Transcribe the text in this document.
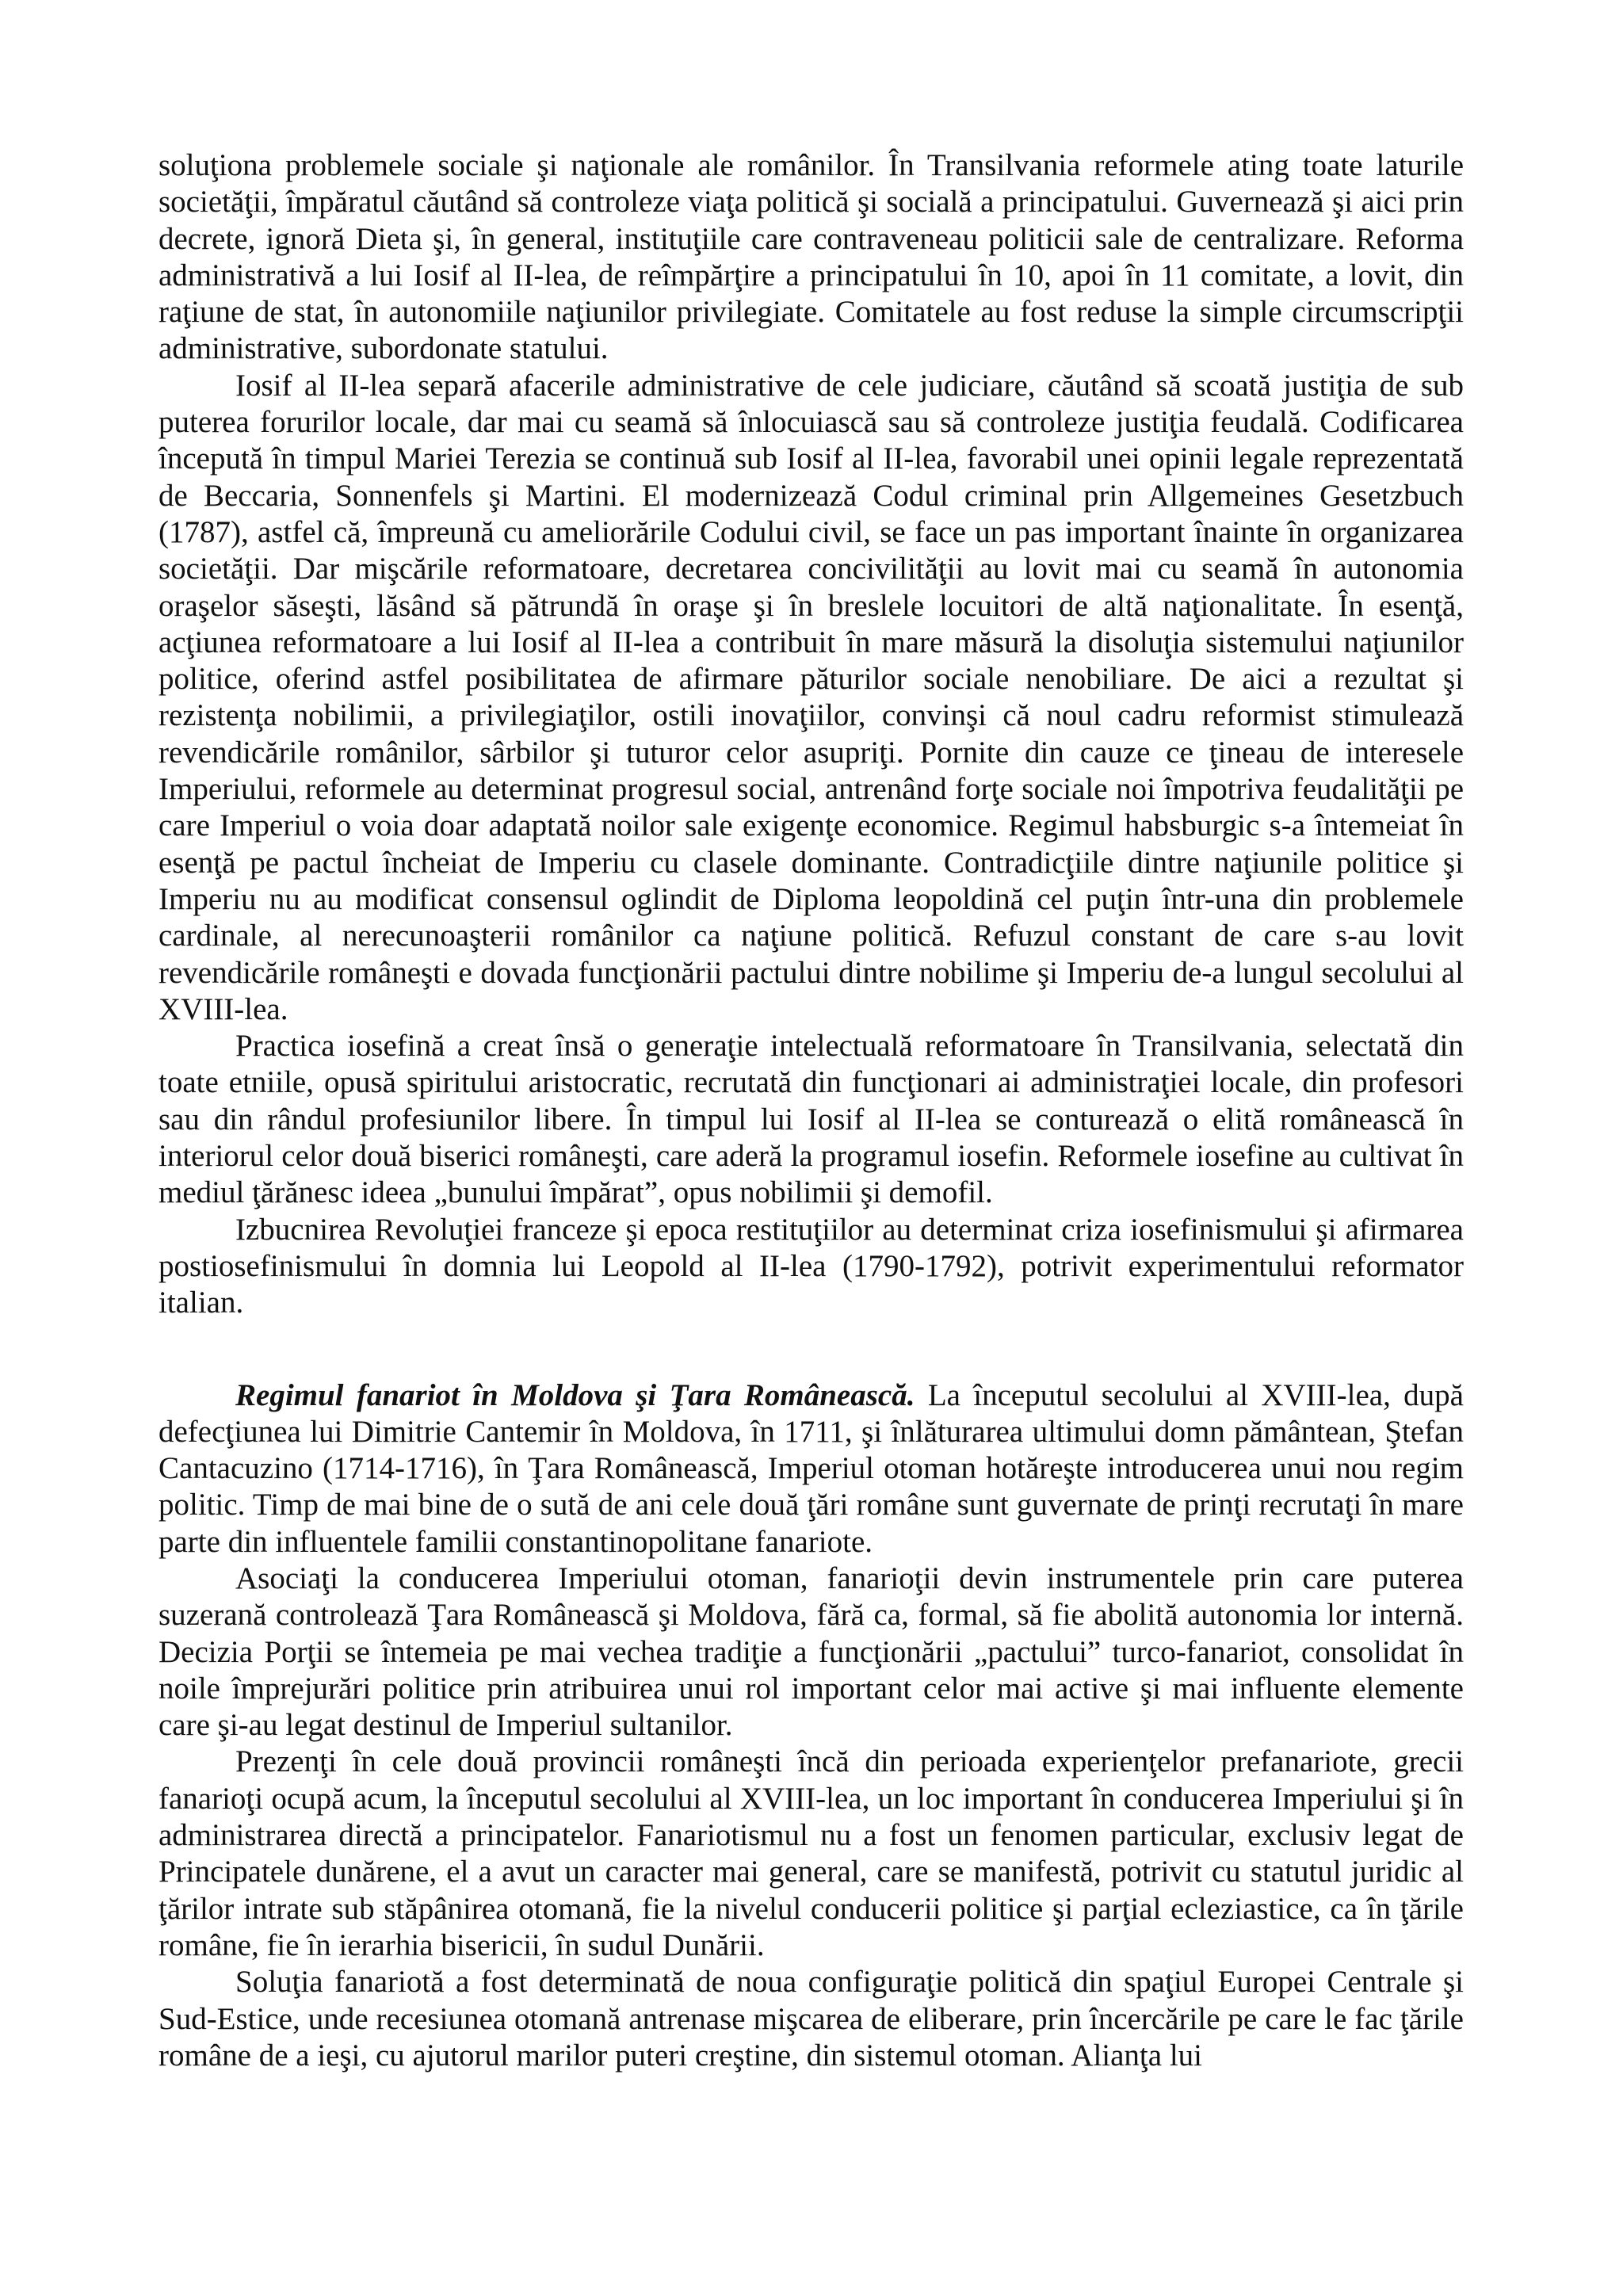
soluţiona problemele sociale şi naţionale ale românilor. În Transilvania reformele ating toate laturile societăţii, împăratul căutând să controleze viaţa politică şi socială a principatului. Guvernează şi aici prin decrete, ignoră Dieta şi, în general, instituţiile care contraveneau politicii sale de centralizare. Reforma administrativă a lui Iosif al II-lea, de reîmpărţire a principatului în 10, apoi în 11 comitate, a lovit, din raţiune de stat, în autonomiile naţiunilor privilegiate. Comitatele au fost reduse la simple circumscripţii administrative, subordonate statului.

Iosif al II-lea separă afacerile administrative de cele judiciare, căutând să scoată justiţia de sub puterea forurilor locale, dar mai cu seamă să înlocuiască sau să controleze justiţia feudală. Codificarea începută în timpul Mariei Terezia se continuă sub Iosif al II-lea, favorabil unei opinii legale reprezentată de Beccaria, Sonnenfels şi Martini. El modernizează Codul criminal prin Allgemeines Gesetzbuch (1787), astfel că, împreună cu ameliorările Codului civil, se face un pas important înainte în organizarea societăţii. Dar mişcările reformatoare, decretarea concivilităţii au lovit mai cu seamă în autonomia oraşelor săseşti, lăsând să pătrundă în oraşe şi în breslele locuitori de altă naţionalitate. În esenţă, acţiunea reformatoare a lui Iosif al II-lea a contribuit în mare măsură la disoluţia sistemului naţiunilor politice, oferind astfel posibilitatea de afirmare păturilor sociale nenobiliare. De aici a rezultat şi rezistenţa nobilimii, a privilegiaţilor, ostili inovaţiilor, convinşi că noul cadru reformist stimulează revendicările românilor, sârbilor şi tuturor celor asupriţi. Pornite din cauze ce ţineau de interesele Imperiului, reformele au determinat progresul social, antrenând forţe sociale noi împotriva feudalităţii pe care Imperiul o voia doar adaptată noilor sale exigenţe economice. Regimul habsburgic s-a întemeiat în esenţă pe pactul încheiat de Imperiu cu clasele dominante. Contradicţiile dintre naţiunile politice şi Imperiu nu au modificat consensul oglindit de Diploma leopoldină cel puţin într-una din problemele cardinale, al nerecunoaşterii românilor ca naţiune politică. Refuzul constant de care s-au lovit revendicările româneşti e dovada funcţionării pactului dintre nobilime şi Imperiu de-a lungul secolului al XVIII-lea.

Practica iosefină a creat însă o generaţie intelectuală reformatoare în Transilvania, selectată din toate etniile, opusă spiritului aristocratic, recrutată din funcţionari ai administraţiei locale, din profesori sau din rândul profesiunilor libere. În timpul lui Iosif al II-lea se conturează o elită românească în interiorul celor două biserici româneşti, care aderă la programul iosefin. Reformele iosefine au cultivat în mediul ţărănesc ideea „bunului împărat”, opus nobilimii şi demofil.

Izbucnirea Revoluţiei franceze şi epoca restituţiilor au determinat criza iosefinismului şi afirmarea postiosefinismului în domnia lui Leopold al II-lea (1790-1792), potrivit experimentului reformator italian.

Regimul fanariot în Moldova şi Ţara Românească. La începutul secolului al XVIII-lea, după defecţiunea lui Dimitrie Cantemir în Moldova, în 1711, şi înlăturarea ultimului domn pământean, Ştefan Cantacuzino (1714-1716), în Ţara Românească, Imperiul otoman hotăreşte introducerea unui nou regim politic. Timp de mai bine de o sută de ani cele două ţări române sunt guvernate de prinţi recrutaţi în mare parte din influentele familii constantinopolitane fanariote.

Asociaţi la conducerea Imperiului otoman, fanarioţii devin instrumentele prin care puterea suzerană controlează Ţara Românească şi Moldova, fără ca, formal, să fie abolită autonomia lor internă. Decizia Porţii se întemeia pe mai vechea tradiţie a funcţionării „pactului” turco-fanariot, consolidat în noile împrejurări politice prin atribuirea unui rol important celor mai active şi mai influente elemente care şi-au legat destinul de Imperiul sultanilor.

Prezenţi în cele două provincii româneşti încă din perioada experienţelor prefanariote, grecii fanarioţi ocupă acum, la începutul secolului al XVIII-lea, un loc important în conducerea Imperiului şi în administrarea directă a principatelor. Fanariotismul nu a fost un fenomen particular, exclusiv legat de Principatele dunărene, el a avut un caracter mai general, care se manifestă, potrivit cu statutul juridic al ţărilor intrate sub stăpânirea otomană, fie la nivelul conducerii politice şi parţial ecleziastice, ca în ţările române, fie în ierarhia bisericii, în sudul Dunării.

Soluţia fanariotă a fost determinată de noua configuraţie politică din spaţiul Europei Centrale şi Sud-Estice, unde recesiunea otomană antrenase mişcarea de eliberare, prin încercările pe care le fac ţările române de a ieşi, cu ajutorul marilor puteri creştine, din sistemul otoman. Alianţa lui
